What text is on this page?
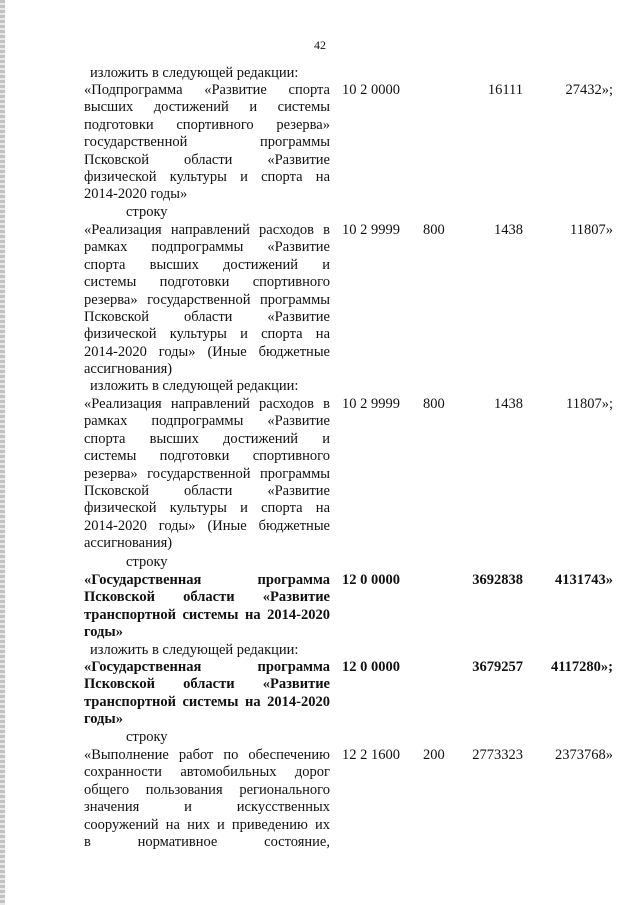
42
изложить в следующей редакции:
«Подпрограмма «Развитие спорта
высших достижений и системы
подготовки спортивного резерва»
государственной программы
Псковской области «Развитие
физической культуры и спорта на
2014-2020 годы»
10 2 0000	16111	27432»;
строку
«Реализация направлений расходов в
рамках подпрограммы «Развитие
спорта высших достижений и
системы подготовки спортивного
резерва» государственной программы
Псковской области «Развитие
физической культуры и спорта на
2014-2020 годы» (Иные бюджетные
ассигнования)
10 2 9999 800	1438	11807»
изложить в следующей редакции:
«Реализация направлений расходов в
рамках подпрограммы «Развитие
спорта высших достижений и
системы подготовки спортивного
резерва» государственной программы
Псковской области «Развитие
физической культуры и спорта на
2014-2020 годы» (Иные бюджетные
ассигнования)
10 2 9999 800	1438	11807»;
строку
«Государственная программа
Псковской области «Развитие
транспортной системы на 2014-2020
годы»
12 0 0000	3692838 4131743»
изложить в следующей редакции:
«Государственная программа
Псковской области «Развитие
транспортной системы на 2014-2020
годы»
12 0 0000	3679257 4117280»;
строку
«Выполнение работ по обеспечению
сохранности автомобильных дорог
общего пользования регионального
значения и искусственных
сооружений на них и приведению их
в нормативное состояние,
12 2 1600 200 2773323 2373768»
